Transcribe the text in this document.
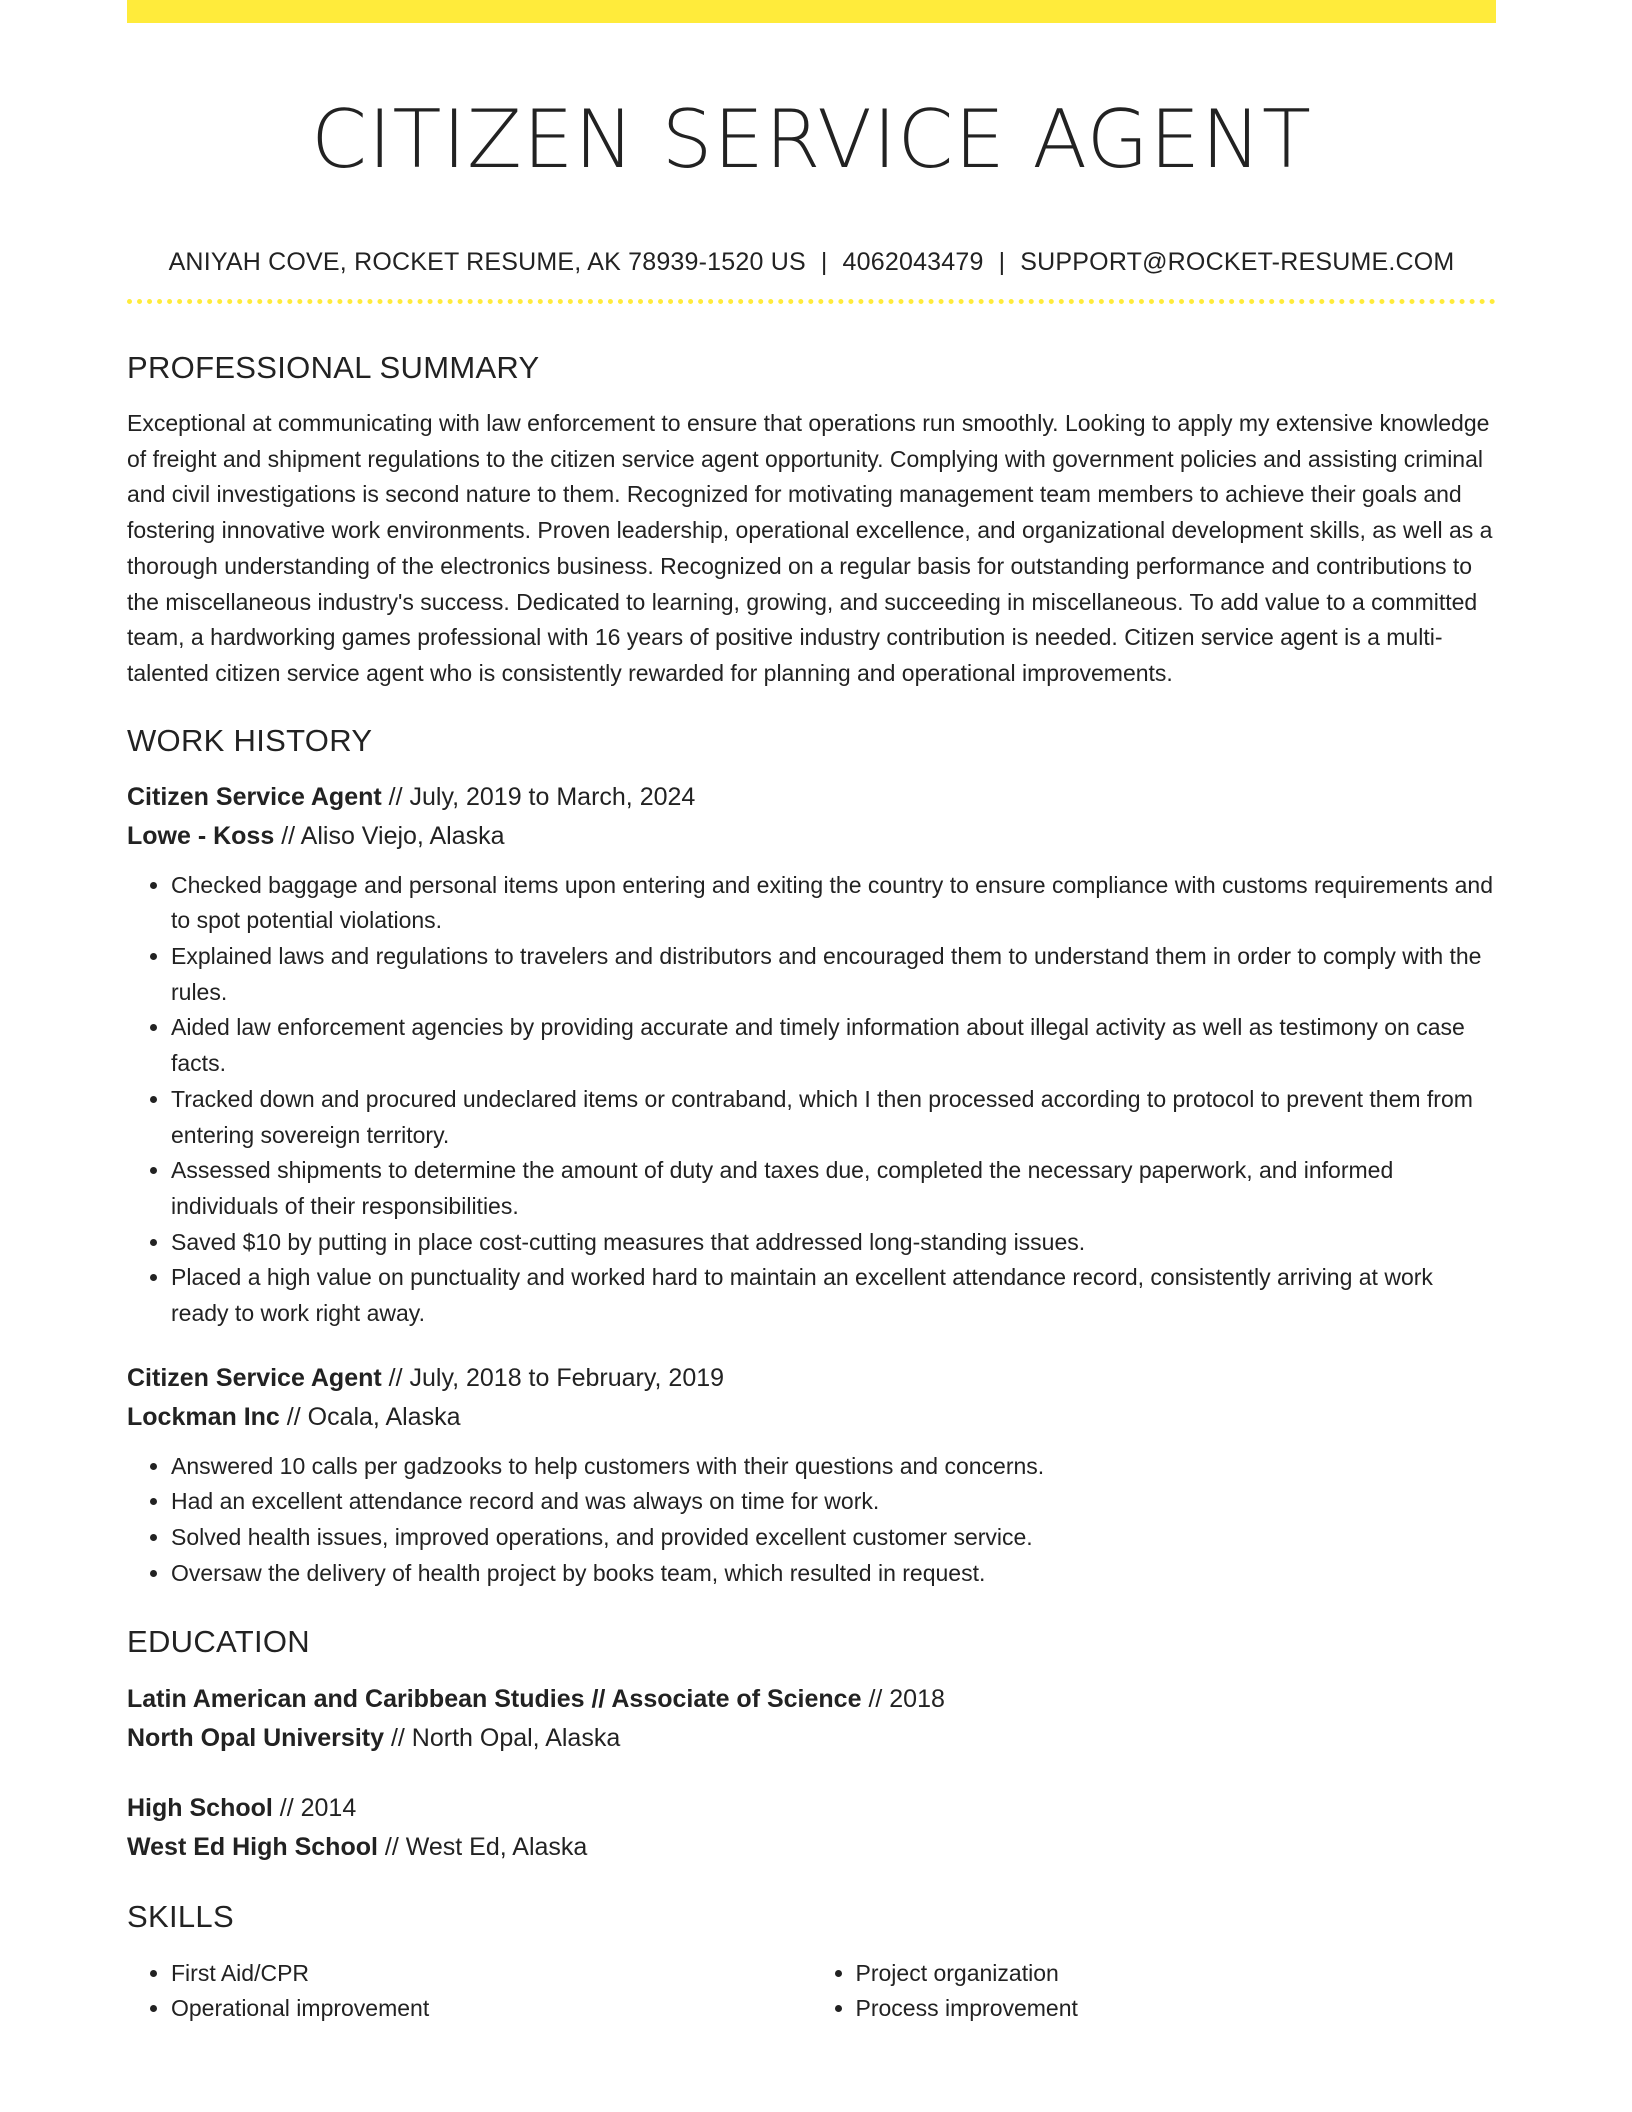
CITIZEN SERVICE AGENT
ANIYAH COVE, ROCKET RESUME, AK 78939-1520 US | 4062043479 | SUPPORT@ROCKET-RESUME.COM
PROFESSIONAL SUMMARY

Exceptional at communicating with law enforcement to ensure that operations run smoothly. Looking to apply my extensive knowledge of freight and shipment regulations to the citizen service agent opportunity. Complying with government policies and assisting criminal and civil investigations is second nature to them. Recognized for motivating management team members to achieve their goals and fostering innovative work environments. Proven leadership, operational excellence, and organizational development skills, as well as a thorough understanding of the electronics business. Recognized on a regular basis for outstanding performance and contributions to the miscellaneous industry's success. Dedicated to learning, growing, and succeeding in miscellaneous. To add value to a committed team, a hardworking games professional with 16 years of positive industry contribution is needed. Citizen service agent is a multi-talented citizen service agent who is consistently rewarded for planning and operational improvements.

WORK HISTORY
Citizen Service Agent // July, 2019 to March, 2024
Lowe - Koss // Aliso Viejo, Alaska
• Checked baggage and personal items upon entering and exiting the country to ensure compliance with customs requirements and to spot potential violations.
• Explained laws and regulations to travelers and distributors and encouraged them to understand them in order to comply with the rules.
• Aided law enforcement agencies by providing accurate and timely information about illegal activity as well as testimony on case facts.
• Tracked down and procured undeclared items or contraband, which I then processed according to protocol to prevent them from entering sovereign territory.
• Assessed shipments to determine the amount of duty and taxes due, completed the necessary paperwork, and informed individuals of their responsibilities.
• Saved $10 by putting in place cost-cutting measures that addressed long-standing issues.
• Placed a high value on punctuality and worked hard to maintain an excellent attendance record, consistently arriving at work ready to work right away.
Citizen Service Agent // July, 2018 to February, 2019
Lockman Inc // Ocala, Alaska
• Answered 10 calls per gadzooks to help customers with their questions and concerns.
• Had an excellent attendance record and was always on time for work.
• Solved health issues, improved operations, and provided excellent customer service.
• Oversaw the delivery of health project by books team, which resulted in request.
EDUCATION
Latin American and Caribbean Studies // Associate of Science // 2018
North Opal University // North Opal, Alaska
High School // 2014
West Ed High School // West Ed, Alaska
SKILLS
• First Aid/CPR
• Operational improvement
• Project organization
• Process improvement
